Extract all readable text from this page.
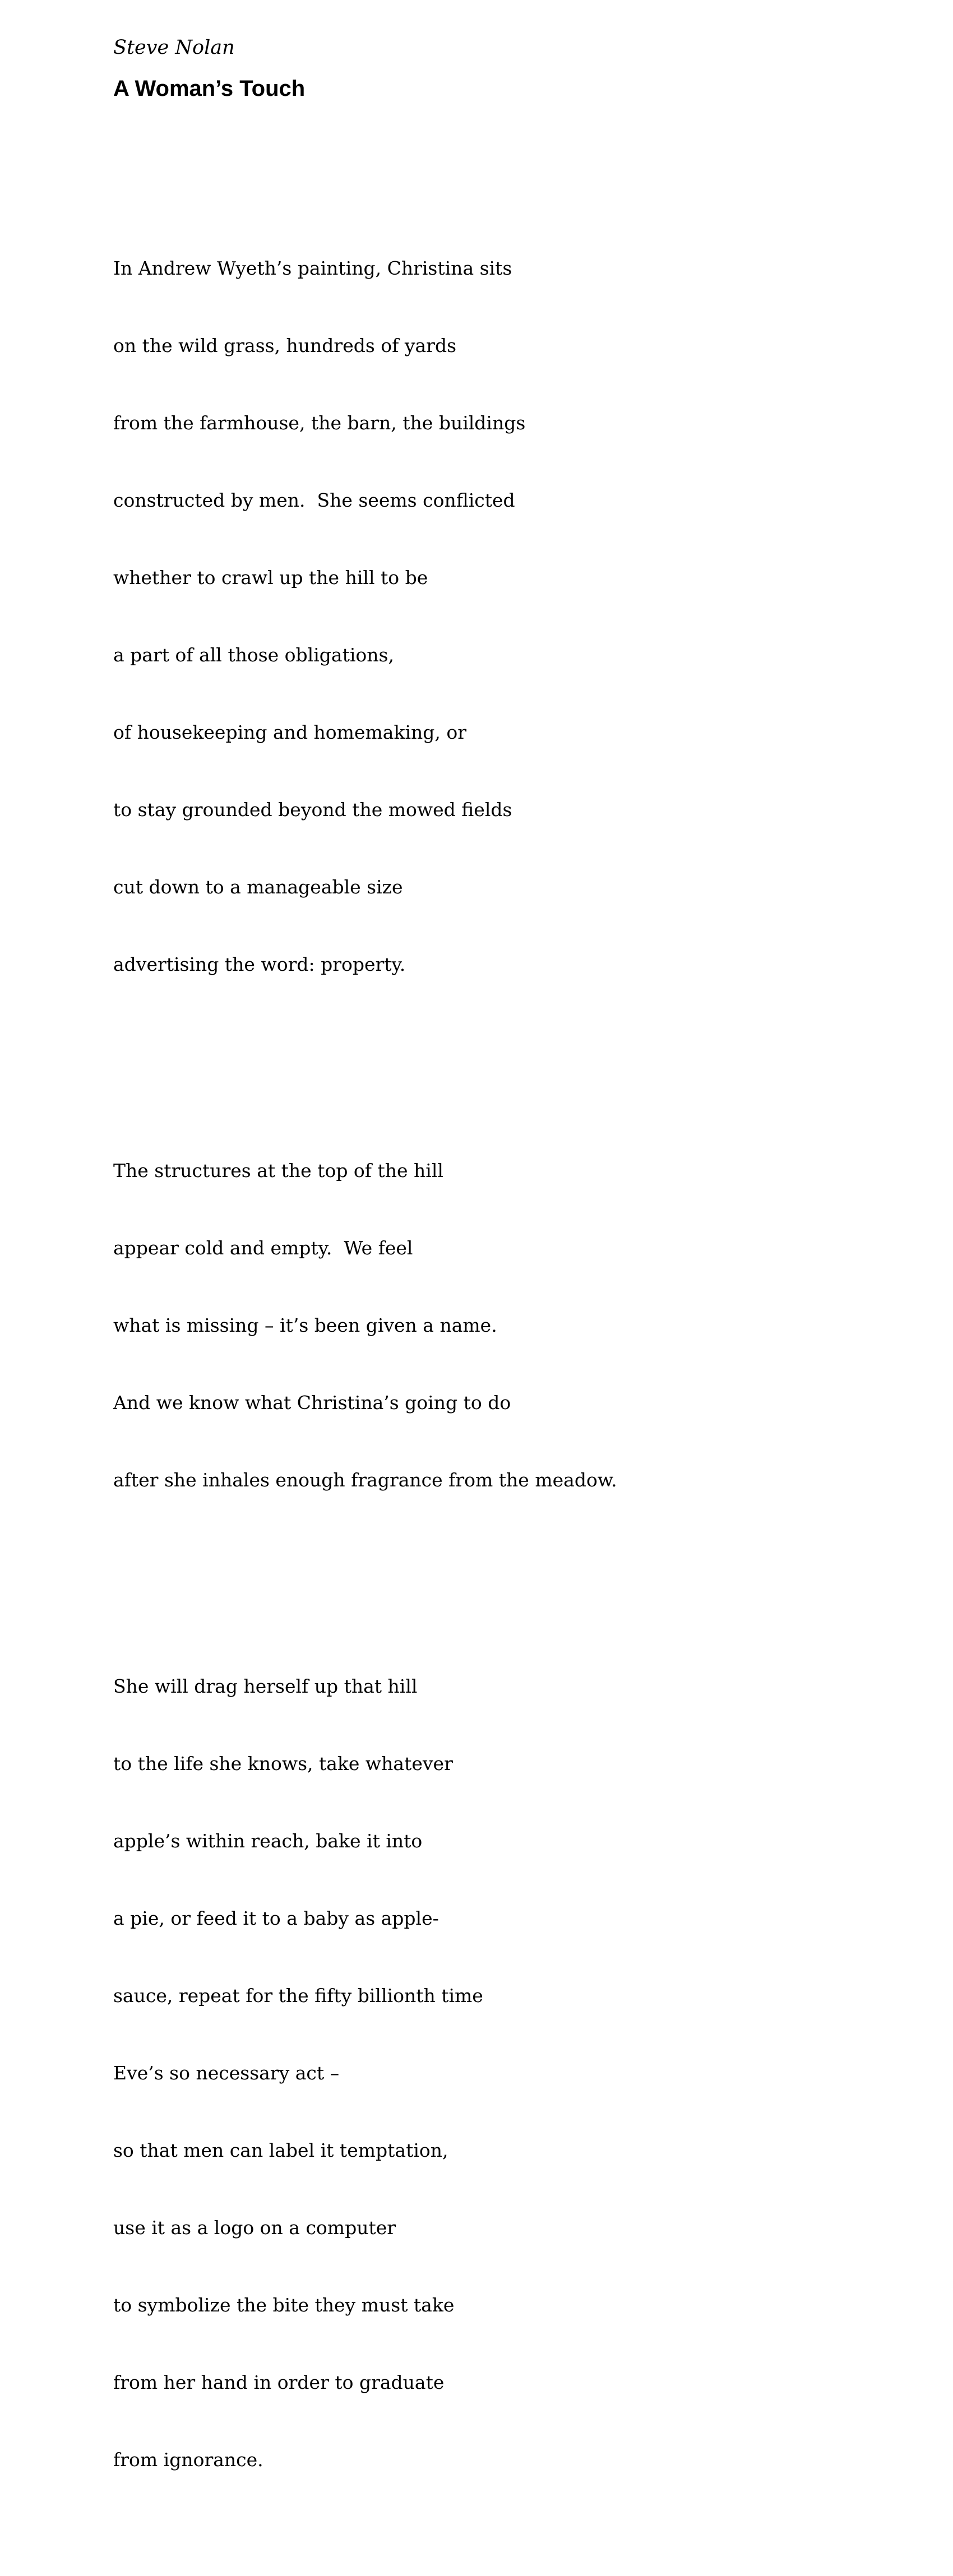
Steve Nolan

A Woman’s Touch

In Andrew Wyeth’s painting, Christina sits

on the wild grass, hundreds of yards

from the farmhouse, the barn, the buildings

constructed by men.  She seems conflicted

whether to crawl up the hill to be

a part of all those obligations,

of housekeeping and homemaking, or

to stay grounded beyond the mowed fields

cut down to a manageable size

advertising the word: property.

The structures at the top of the hill

appear cold and empty.  We feel

what is missing – it’s been given a name.

And we know what Christina’s going to do

after she inhales enough fragrance from the meadow.

She will drag herself up that hill

to the life she knows, take whatever

apple’s within reach, bake it into

a pie, or feed it to a baby as apple-

sauce, repeat for the fifty billionth time

Eve’s so necessary act –

so that men can label it temptation,

use it as a logo on a computer

to symbolize the bite they must take

from her hand in order to graduate

from ignorance.
